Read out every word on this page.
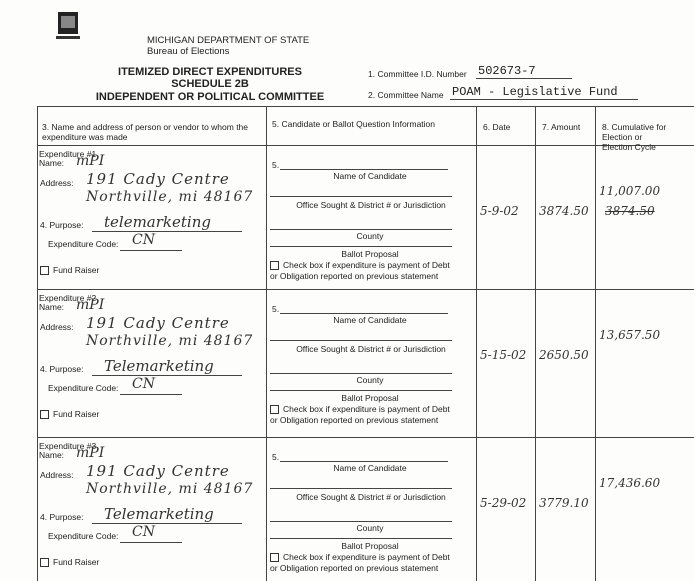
MICHIGAN DEPARTMENT OF STATE
Bureau of Elections
ITEMIZED DIRECT EXPENDITURES
SCHEDULE 2B
INDEPENDENT OR POLITICAL COMMITTEE
1. Committee I.D. Number 502673-7
2. Committee Name POAM - Legislative Fund
3. Name and address of person or vendor to whom the expenditure was made
5. Candidate or Ballot Question Information	6. Date	7. Amount	8. Cumulative for Election or Election Cycle
Expenditure #1
Name: mPI
Address: 191 Cady Centre
Northville, mi 48167
4. Purpose: telemarketing
Expenditure Code: CN
Fund Raiser
5.
Name of Candidate
Office Sought & District # or Jurisdiction
County
Ballot Proposal
Check box if expenditure is payment of Debt
or Obligation reported on previous statement
5-9-02 3874.50
11,007.00
3874.50
Expenditure #2
Name: mPI
Address: 191 Cady Centre
Northville, mi 48167
4. Purpose: Telemarketing
Expenditure Code: CN
Fund Raiser
5.
Name of Candidate
Office Sought & District # or Jurisdiction
County
Ballot Proposal
Check box if expenditure is payment of Debt
or Obligation reported on previous statement
5-15-02 2650.50
13,657.50
Expenditure #3
Name: mPI
Address: 191 Cady Centre
Northville, mi 48167
4. Purpose: Telemarketing
Expenditure Code: CN
Fund Raiser
5.
Name of Candidate
Office Sought & District # or Jurisdiction
County
Ballot Proposal
Check box if expenditure is payment of Debt
or Obligation reported on previous statement
5-29-02 3779.10
17,436.60
